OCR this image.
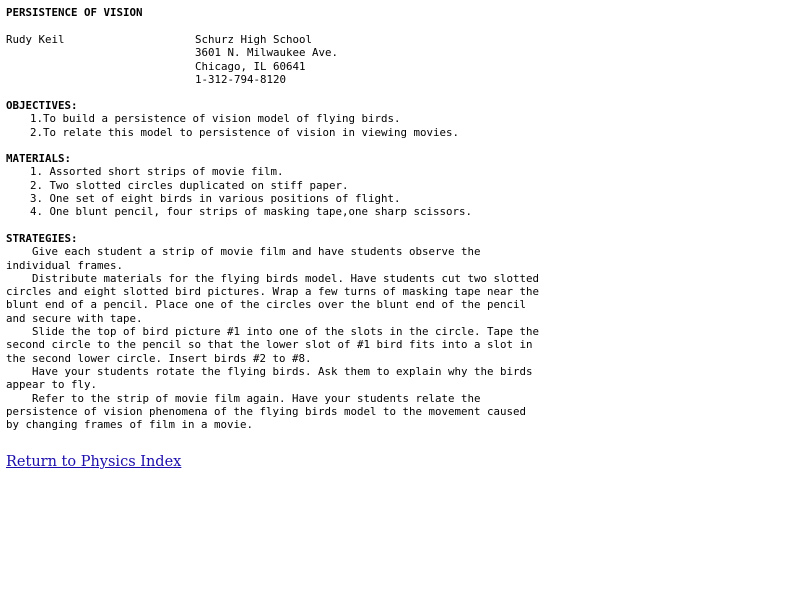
PERSISTENCE OF VISION
Rudy Keil	Schurz High School
3601 N. Milwaukee Ave.
Chicago, IL 60641
1-312-794-8120
OBJECTIVES:
1.To build a persistence of vision model of flying birds.
2.To relate this model to persistence of vision in viewing movies.
MATERIALS:
1. Assorted short strips of movie film.
2. Two slotted circles duplicated on stiff paper.
3. One set of eight birds in various positions of flight.
4. One blunt pencil, four strips of masking tape,one sharp scissors.
STRATEGIES:
Give each student a strip of movie film and have students observe the
individual frames.
Distribute materials for the flying birds model. Have students cut two slotted
circles and eight slotted bird pictures. Wrap a few turns of masking tape near the
blunt end of a pencil. Place one of the circles over the blunt end of the pencil
and secure with tape.
Slide the top of bird picture #1 into one of the slots in the circle. Tape the
second circle to the pencil so that the lower slot of #1 bird fits into a slot in
the second lower circle. Insert birds #2 to #8.
Have your students rotate the flying birds. Ask them to explain why the birds
appear to fly.
Refer to the strip of movie film again. Have your students relate the
persistence of vision phenomena of the flying birds model to the movement caused
by changing frames of film in a movie.
Return to Physics Index
